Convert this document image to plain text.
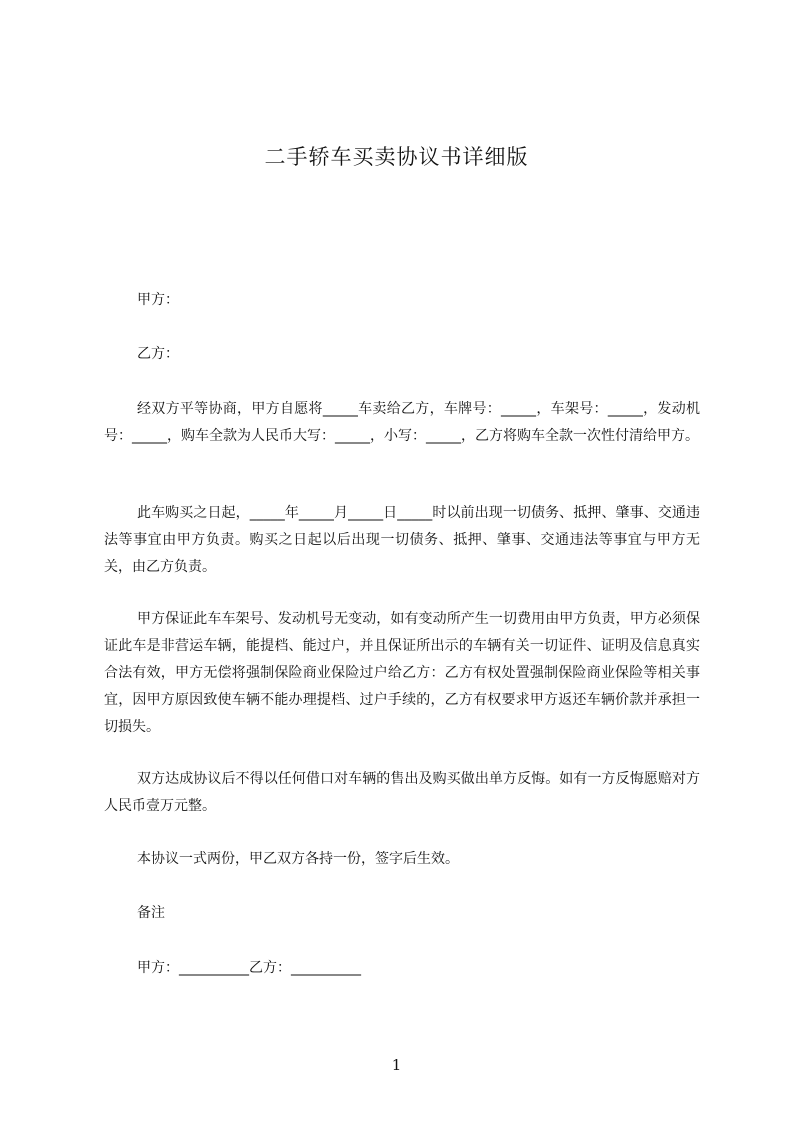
二手轿车买卖协议书详细版

甲方：

乙方：

经双方平等协商，甲方自愿将_____车卖给乙方，车牌号：_____，车架号：_____，发动机号：_____，购车全款为人民币大写：_____，小写：_____，乙方将购车全款一次性付清给甲方。

此车购买之日起，_____年_____月_____日_____时以前出现一切债务、抵押、肇事、交通违法等事宜由甲方负责。购买之日起以后出现一切债务、抵押、肇事、交通违法等事宜与甲方无关，由乙方负责。

甲方保证此车车架号、发动机号无变动，如有变动所产生一切费用由甲方负责，甲方必须保证此车是非营运车辆，能提档、能过户，并且保证所出示的车辆有关一切证件、证明及信息真实合法有效，甲方无偿将强制保险商业保险过户给乙方：乙方有权处置强制保险商业保险等相关事宜，因甲方原因致使车辆不能办理提档、过户手续的，乙方有权要求甲方返还车辆价款并承担一切损失。

双方达成协议后不得以任何借口对车辆的售出及购买做出单方反悔。如有一方反悔愿赔对方人民币壹万元整。

本协议一式两份，甲乙双方各持一份，签字后生效。

备注

甲方：__________乙方：__________

1
